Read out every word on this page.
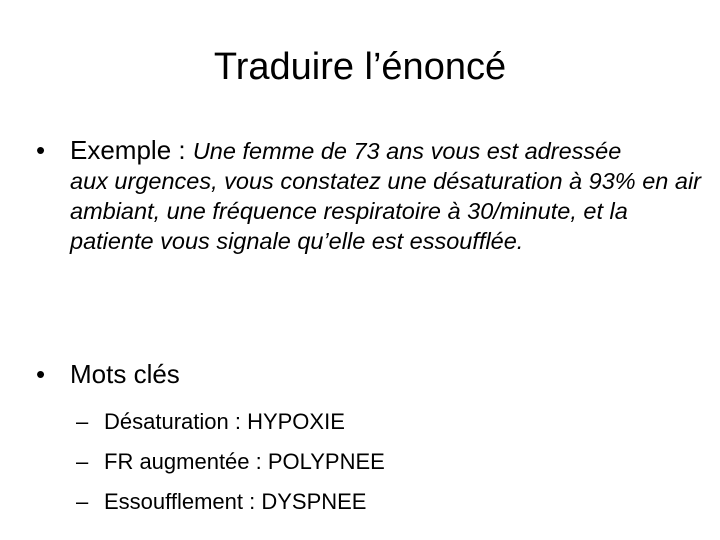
Traduire l’énoncé
• Exemple : Une femme de 73 ans vous est adressée
aux urgences, vous constatez une désaturation à 93% en air ambiant, une fréquence respiratoire à 30/minute, et la patiente vous signale qu’elle est essoufflée.
• Mots clés
– Désaturation : HYPOXIE
– FR augmentée : POLYPNEE
– Essoufflement : DYSPNEE
